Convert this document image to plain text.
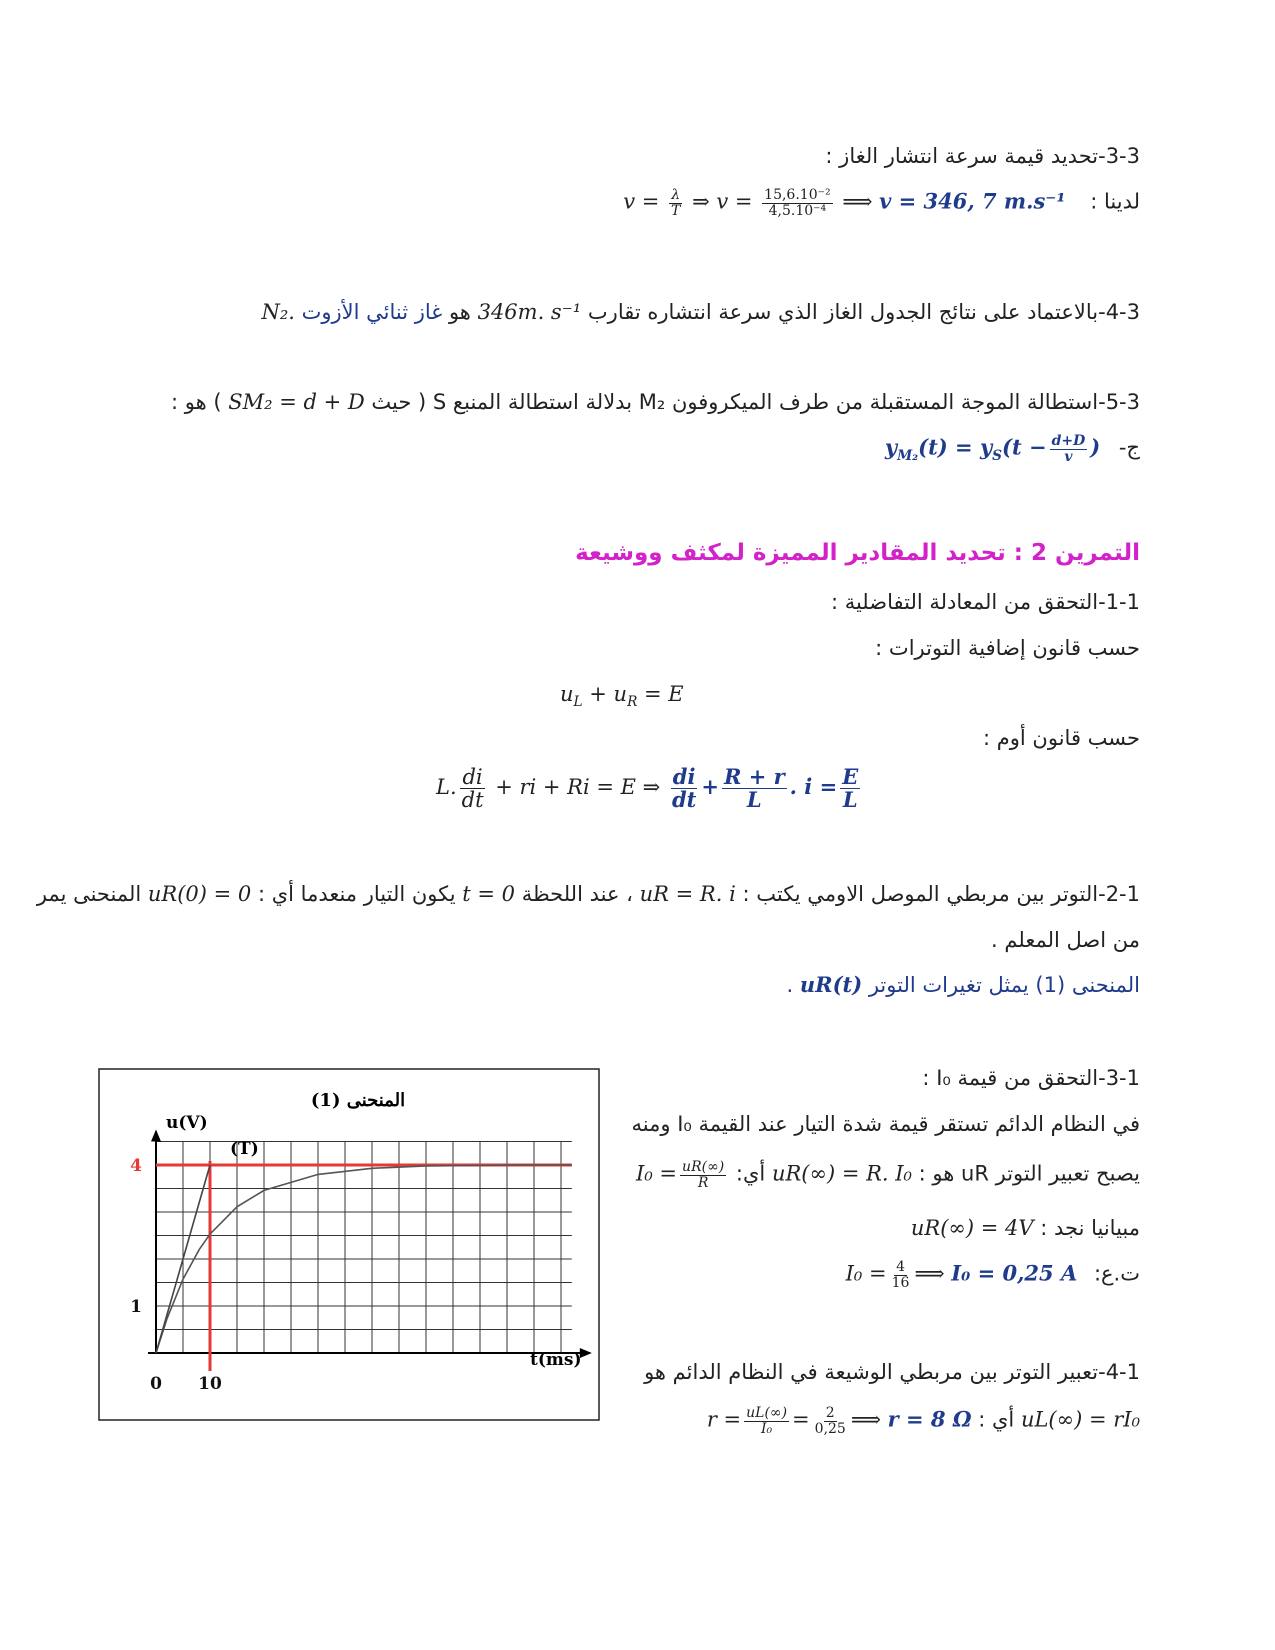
3-3-تحديد قيمة سرعة انتشار الغاز :
لدينا : $v = \frac{\lambda}{T}$ ⇒ $v = \frac{\text{15,6.10⁻²}}{\text{4,5.10⁻⁴}}$ ⟹ v = 346, 7 m.s⁻¹
4-3-بالاعتماد على نتائج الجدول الغاز الذي سرعة انتشاره تقارب 346m. s⁻¹ هو غاز ثنائي الأزوت N₂.
5-3-استطالة الموجة المستقبلة من طرف الميكروفون M₂ بدلالة استطالة المنبع S ( حيث SM₂ = d + D ) هو :
ج- $y_{M_2}(t) = y_S(t - \frac{d+D}{v}$ )
التمرين 2 : تحديد المقادير المميزة لمكثف ووشيعة
1-1-التحقق من المعادلة التفاضلية :
حسب قانون إضافية التوترات :
$u_L + u_R = E$
حسب قانون أوم :
L. $\frac{di}{dt}$ + ri + Ri = E ⇒ $\frac{di}{dt} + \frac{R + r}{L}$ . $i = \frac{E}{L}$
2-1-التوتر بين مربطي الموصل الاومي يكتب : uR = R. i ، عند اللحظة t = 0 يكون التيار منعدما أي : uR(0) = 0 المنحنى يمر
من اصل المعلم .
المنحنى (1) يمثل تغيرات التوتر uR(t) .
3-1-التحقق من قيمة I₀ :
في النظام الدائم تستقر قيمة شدة التيار عند القيمة I₀ ومنه
يصبح تعبير التوتر uR هو : uR(∞) = R. I₀ أي: $I_0 = \frac{uR(\infty)}{R}$
مبيانيا نجد : uR(∞) = 4V
ت.ع: $I_0 = \frac{4}{16}$ ⟹ I₀ = 0,25 A
4-1-تعبير التوتر بين مربطي الوشيعة في النظام الدائم هو
uL(∞) = rI₀ أي : $r = \frac{uL(\infty)}{\text{I₀}} = \frac{2}{0,25}$ ⟹ r = 8 Ω
0 10
1
4
المنحنى (1)
u(V)
t(ms)
(T)
